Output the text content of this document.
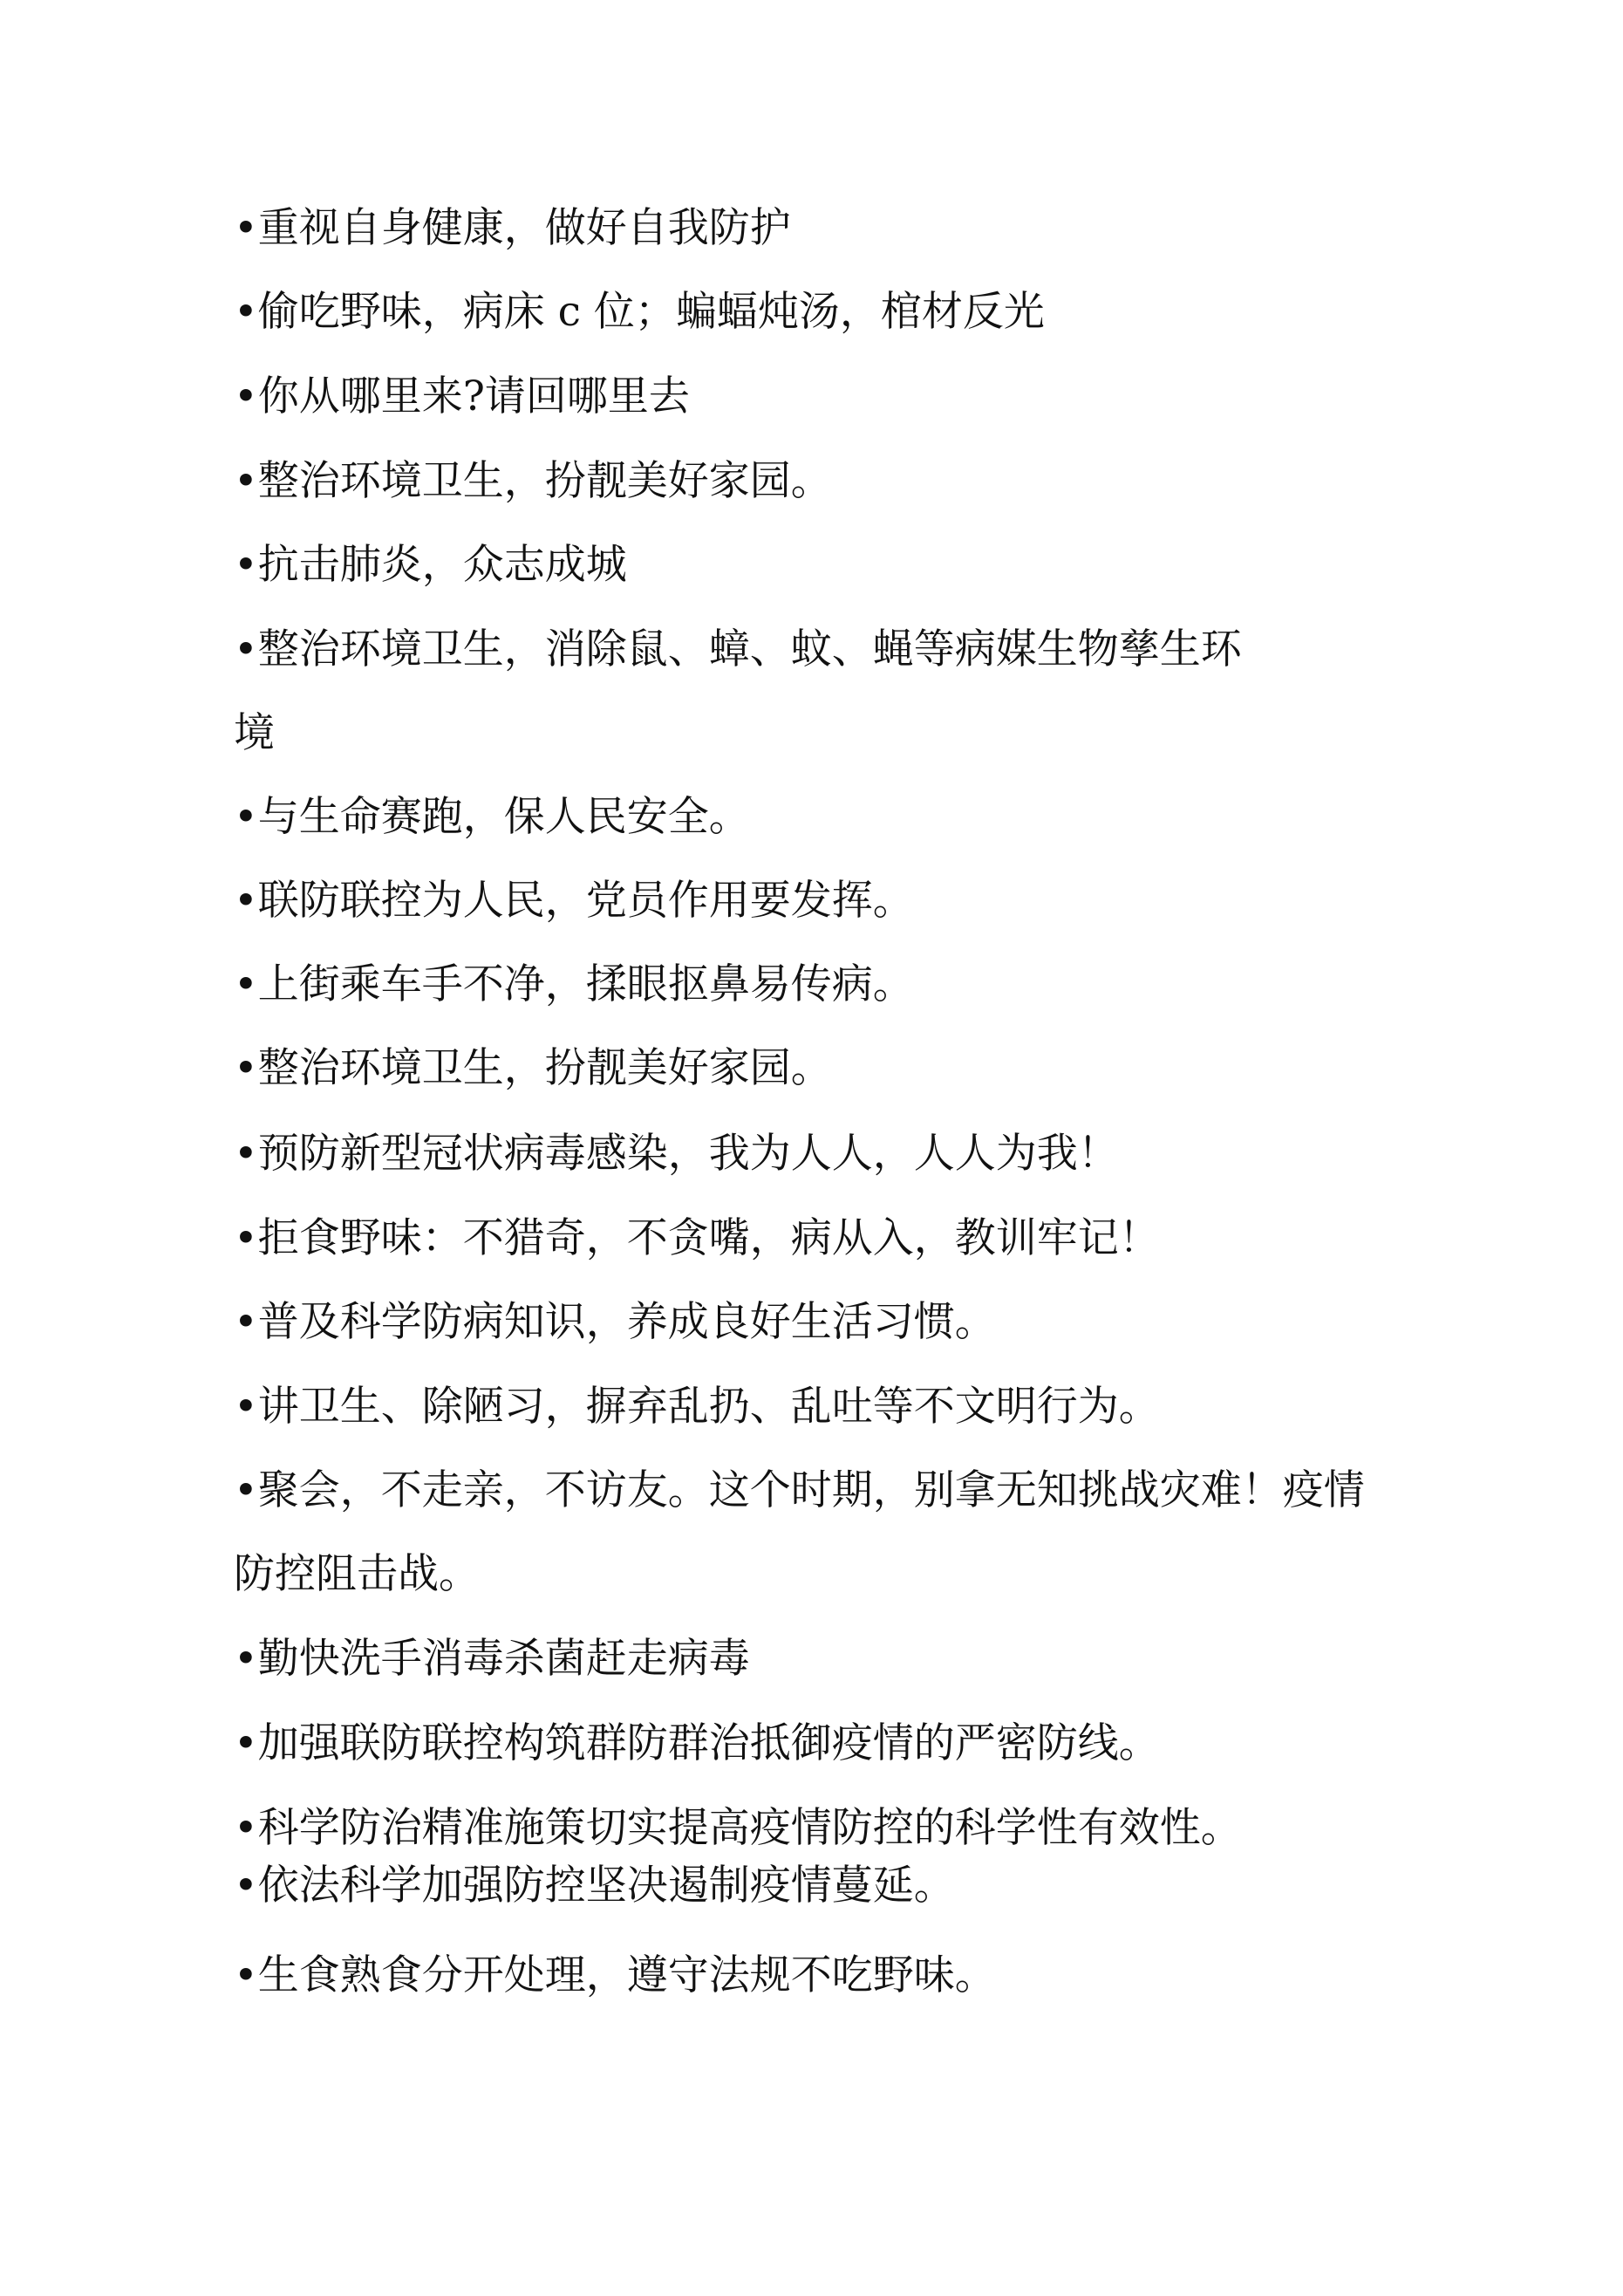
•重视自身健康，做好自我防护
•偷吃野味，病床 c 位；蝙蝠炖汤，棺材反光
•你从哪里来?请回哪里去
•整治环境卫生，扮靓美好家园。
•抗击肺炎，众志成城
•整治环境卫生，消除鼠、蟑、蚊、蝇等病媒生物孳生环
境
•与生命赛跑，保人民安全。
•联防联控为人民，党员作用要发挥。
•上街乘车手不净，揉眼抠鼻易传病。
•整治环境卫生，扮靓美好家园。
•预防新型冠状病毒感染，我为人人，人人为我！
•拒食野味：不猎奇，不贪嘴，病从入，教训牢记！
•普及科学防病知识，养成良好生活习惯。
•讲卫生、除陋习，摒弃乱扔、乱吐等不文明行为。
•聚会，不走亲，不访友。这个时期，别拿无知挑战灾难！疫情
防控阻击战。
•勤快洗手消毒杀菌赶走病毒
•加强联防联控构筑群防群治抵御疫情的严密防线。
•科学防治精准施策切实提高疫情防控的科学性有效性。
•依法科学加强防控坚决遏制疫情蔓延。
•生食熟食分开处理，遵守法规不吃野味。
